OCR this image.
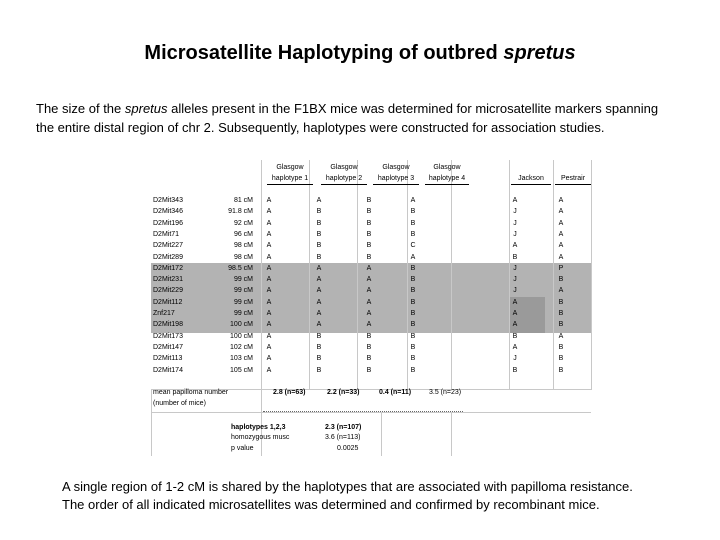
Microsatellite Haplotyping of outbred spretus
The size of the spretus alleles present in the F1BX mice was determined for microsatellite markers spanning
the entire distal region of chr 2. Subsequently, haplotypes were constructed for association studies.
Glasgow
haplotype 1
Glasgow
haplotype 2
Glasgow
haplotype 3
Glasgow
haplotype 4
	Jackson
	Pestrair
D2Mit343	81 cM	A	A	B	A	A	A
D2Mit346	91.8 cM	A	B	B	B	J	A
D2Mit196	92 cM	A	B	B	B	J	A
D2Mit71	96 cM	A	B	B	B	J	A
D2Mit227	98 cM	A	B	B	C	A	A
D2Mit289	98 cM	A	B	B	A	B	A
D2Mit172	98.5 cM	A	A	A	B	J	P
D2Mit231	99 cM	A	A	A	B	J	B
D2Mit229	99 cM	A	A	A	B	J	A
D2Mit112	99 cM	A	A	A	B	A	B
Znf217	99 cM	A	A	A	B	A	B
D2Mit198	100 cM	A	A	A	B	A	B
D2Mit173	100 cM	A	B	B	B	B	A
D2Mit147	102 cM	A	B	B	B	A	B
D2Mit113	103 cM	A	B	B	B	J	B
D2Mit174	105 cM	A	B	B	B	B	B
mean papilloma number
(number of mice)
2.8 (n=63)	2.2 (n=33)	0.4 (n=11)	3.5 (n=23)
haplotypes 1,2,3	2.3 (n=107)
homozygous musc	3.6 (n=113)
p value	0.0025
A single region of 1-2 cM is shared by the haplotypes that are associated with papilloma resistance.
The order of all indicated microsatellites was determined and confirmed by recombinant mice.
